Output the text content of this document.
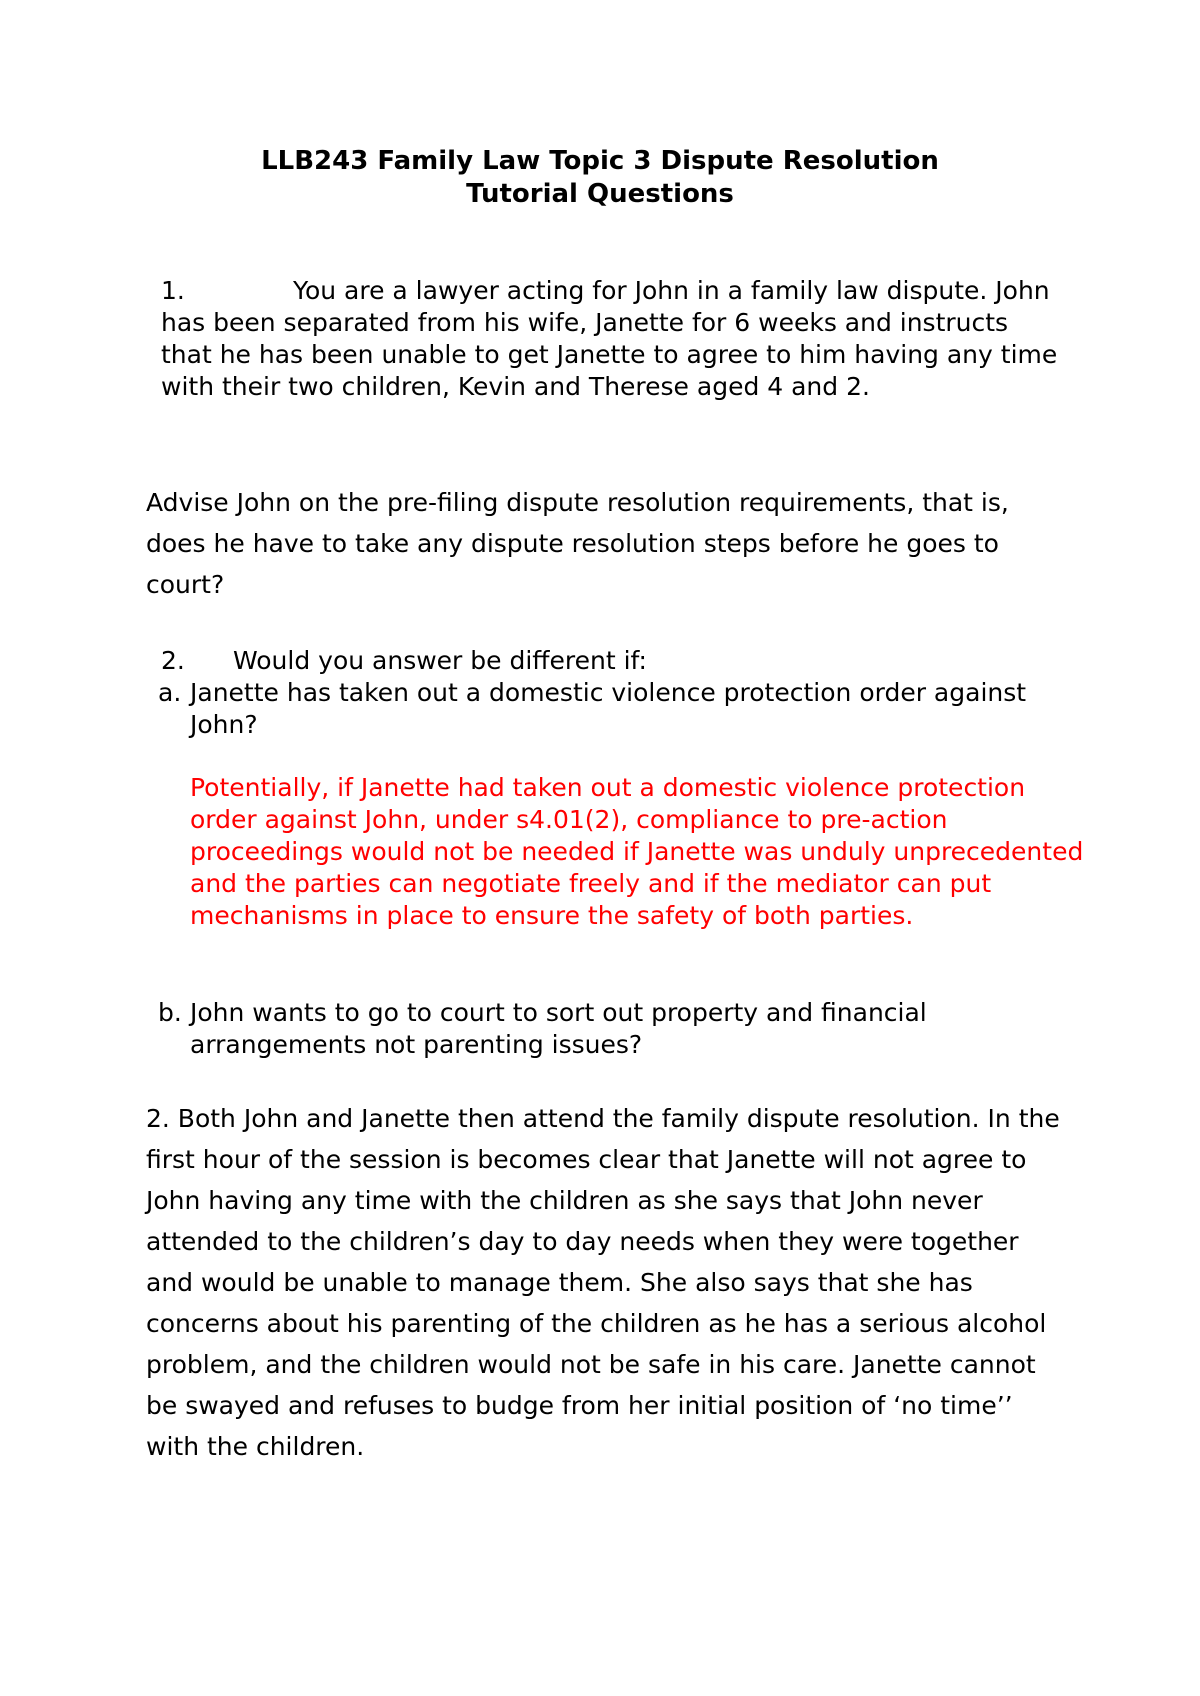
LLB243 Family Law Topic 3 Dispute Resolution
Tutorial Questions
1.	You are a lawyer acting for John in a family law dispute. John has been separated from his wife, Janette for 6 weeks and instructs that he has been unable to get Janette to agree to him having any time with their two children, Kevin and Therese aged 4 and 2.
Advise John on the pre-filing dispute resolution requirements, that is, does he have to take any dispute resolution steps before he goes to court?
2. Would you answer be different if:
a. Janette has taken out a domestic violence protection order against John?
Potentially, if Janette had taken out a domestic violence protection order against John, under s4.01(2), compliance to pre-action proceedings would not be needed if Janette was unduly unprecedented and the parties can negotiate freely and if the mediator can put mechanisms in place to ensure the safety of both parties.
b. John wants to go to court to sort out property and financial arrangements not parenting issues?
2. Both John and Janette then attend the family dispute resolution. In the first hour of the session is becomes clear that Janette will not agree to John having any time with the children as she says that John never attended to the children’s day to day needs when they were together and would be unable to manage them. She also says that she has concerns about his parenting of the children as he has a serious alcohol problem, and the children would not be safe in his care. Janette cannot be swayed and refuses to budge from her initial position of ‘no time’’ with the children.
